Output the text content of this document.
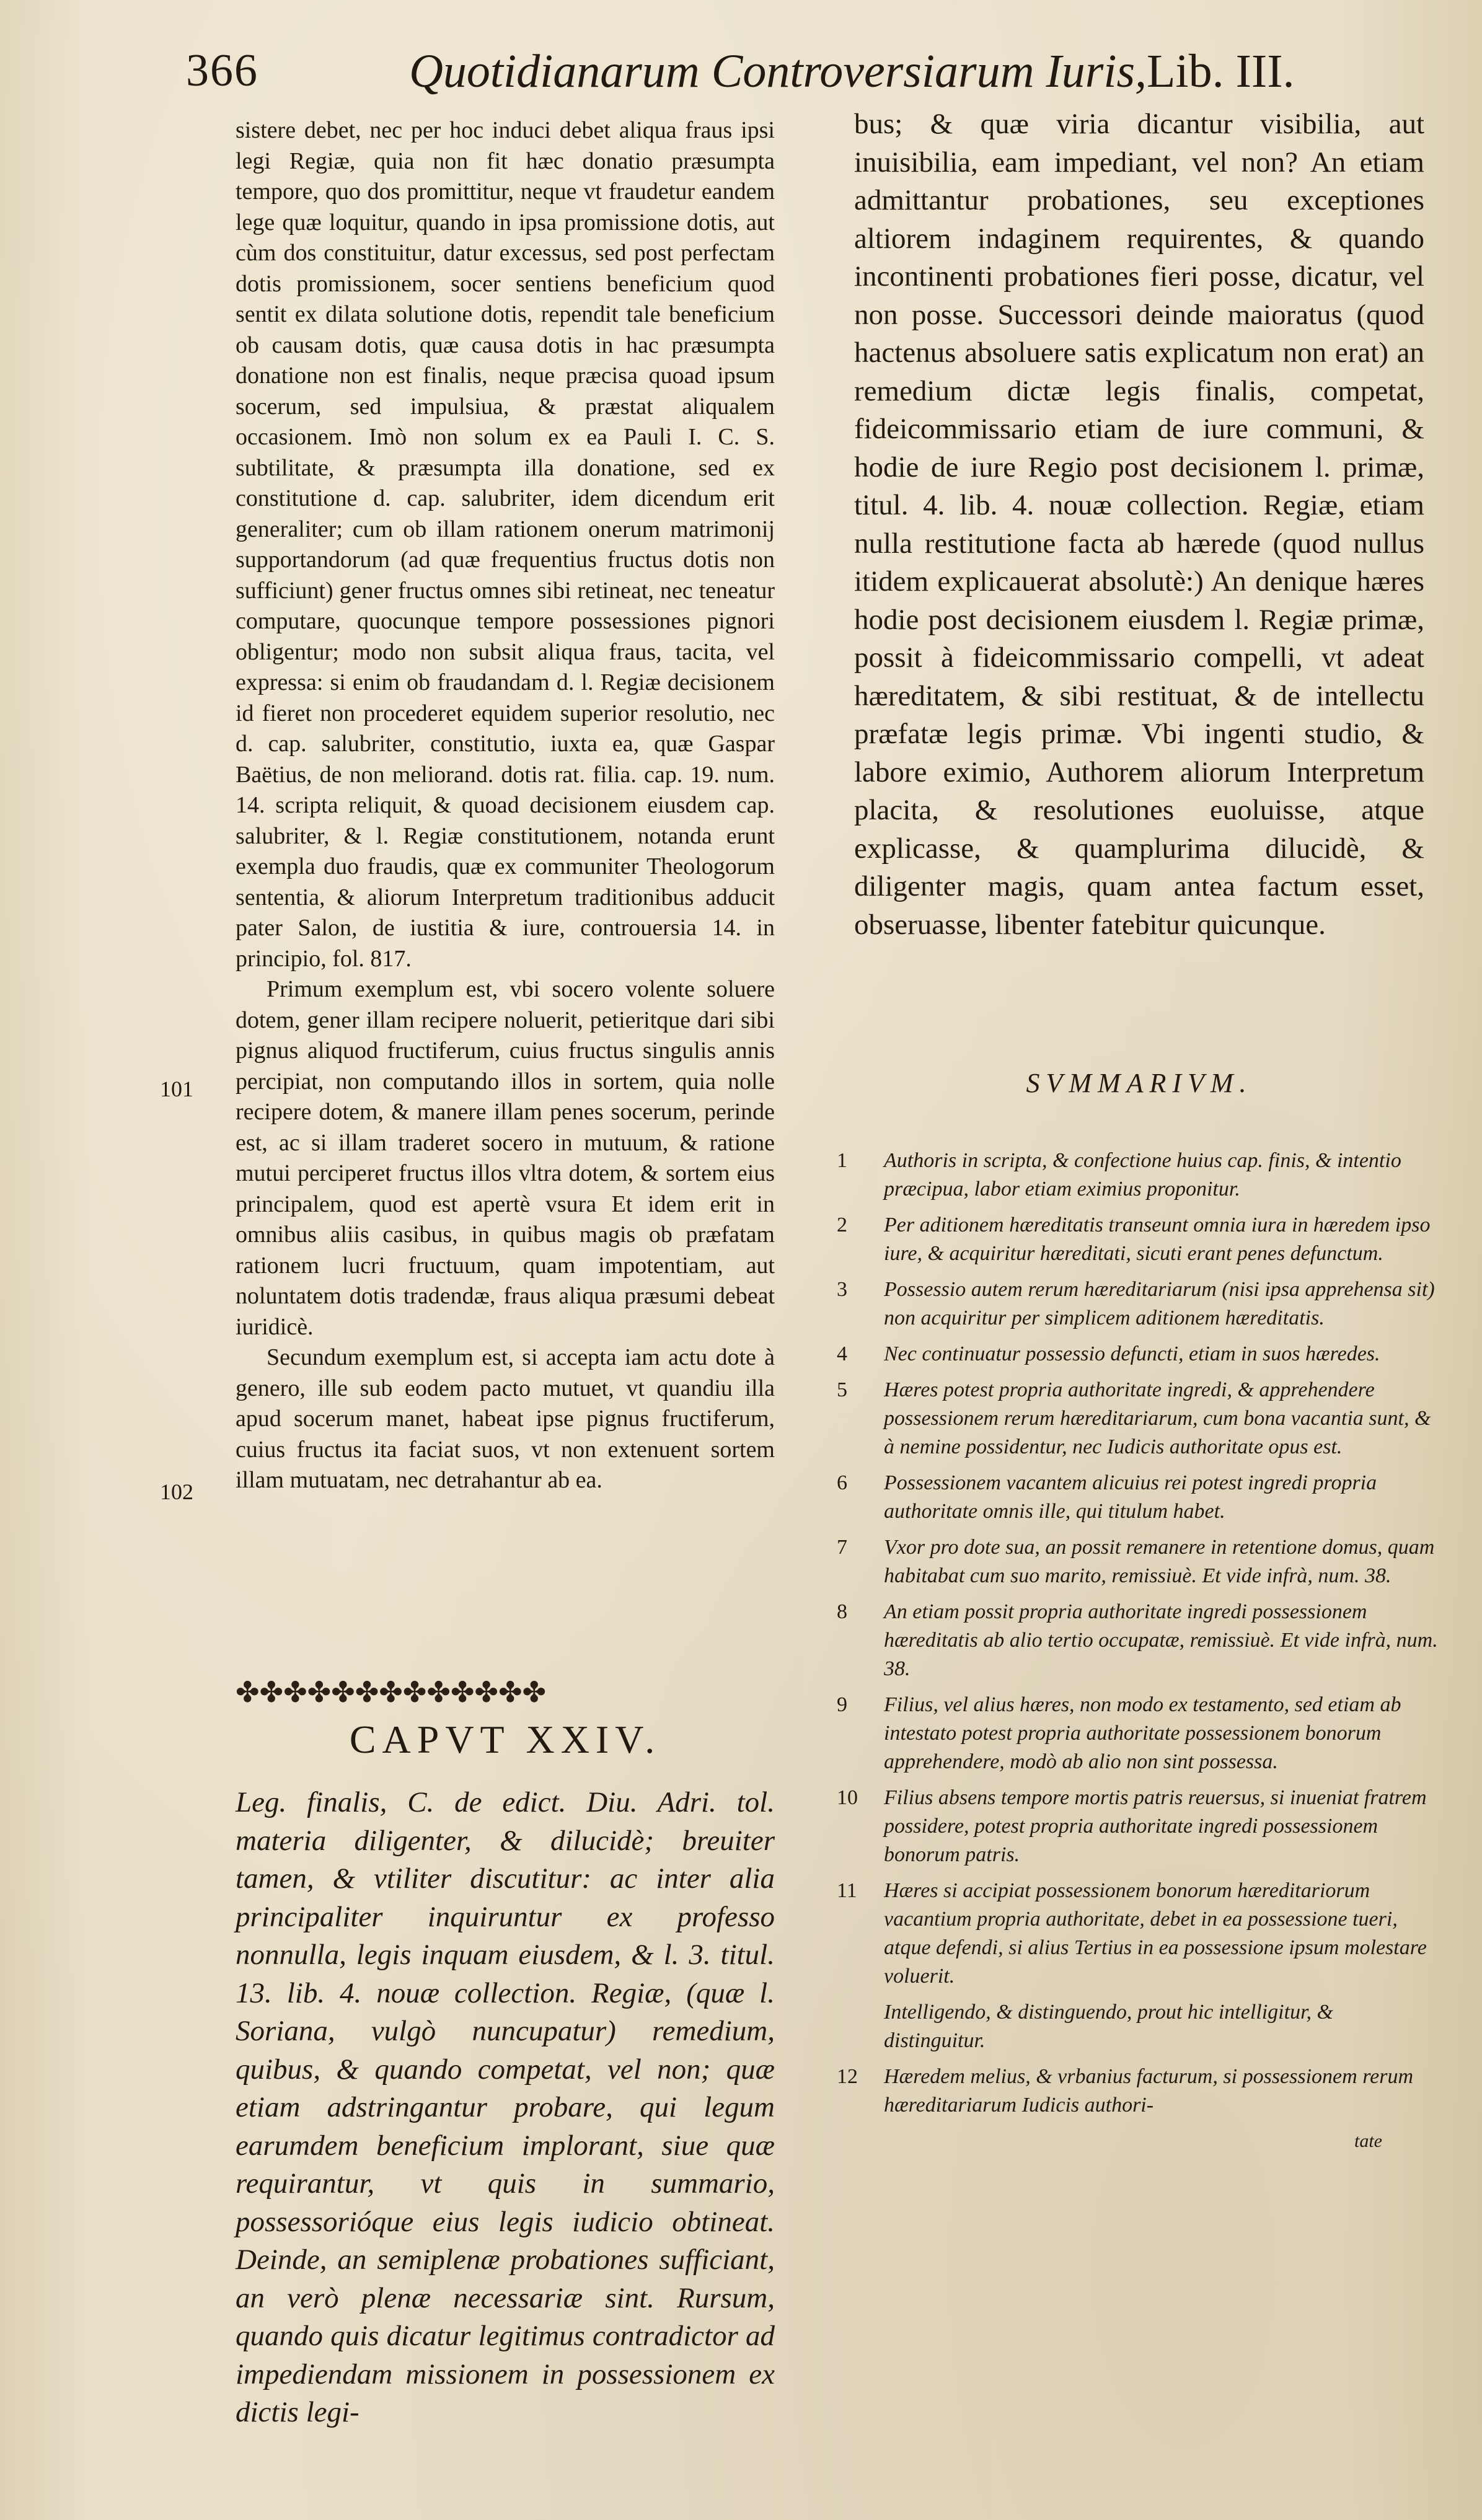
366	Quotidianarum Controversiarum Iuris,Lib. III.

sistere debet, nec per hoc induci debet aliqua fraus ipsi legi Regiæ, quia non fit hæc donatio præsumpta tempore, quo dos promittitur, neque vt fraudetur eandem lege quæ loquitur, quando in ipsa promissione dotis, aut cùm dos constituitur, datur excessus, sed post perfectam dotis promissionem, socer sentiens beneficium quod sentit ex dilata solutione dotis, rependit tale beneficium ob causam dotis, quæ causa dotis in hac præsumpta donatione non est finalis, neque præcisa quoad ipsum socerum, sed impulsiua, & præstat aliqualem occasionem. Imò non solum ex ea Pauli I. C. S. subtilitate, & præsumpta illa donatione, sed ex constitutione d. cap. salubriter, idem dicendum erit generaliter; cum ob illam rationem onerum matrimonij supportandorum (ad quæ frequentius fructus dotis non sufficiunt) gener fructus omnes sibi retineat, nec teneatur computare, quocunque tempore possessiones pignori obligentur; modo non subsit aliqua fraus, tacita, vel expressa: si enim ob fraudandam d. l. Regiæ decisionem id fieret non procederet equidem superior resolutio, nec d. cap. salubriter, constitutio, iuxta ea, quæ Gaspar Baëtius, de non meliorand. dotis rat. filia. cap. 19. num. 14. scripta reliquit, & quoad decisionem eiusdem cap. salubriter, & l. Regiæ constitutionem, notanda erunt exempla duo fraudis, quæ ex communiter Theologorum sententia, & aliorum Interpretum traditionibus adducit pater Salon, de iustitia & iure, controuersia 14. in principio, fol. 817.

Primum exemplum est, vbi socero volente soluere dotem, gener illam recipere noluerit, petieritque dari sibi pignus aliquod fructiferum, cuius fructus singulis annis percipiat, non computando illos in sortem, quia nolle recipere dotem, & manere illam penes socerum, perinde est, ac si illam traderet socero in mutuum, & ratione mutui perciperet fructus illos vltra dotem, & sortem eius principalem, quod est apertè vsura Et idem erit in omnibus aliis casibus, in quibus magis ob præfatam rationem lucri fructuum, quam impotentiam, aut noluntatem dotis tradendæ, fraus aliqua præsumi debeat iuridicè.

Secundum exemplum est, si accepta iam actu dote à genero, ille sub eodem pacto mutuet, vt quandiu illa apud socerum manet, habeat ipse pignus fructiferum, cuius fructus ita faciat suos, vt non extenuent sortem illam mutuatam, nec detrahantur ab ea.

101
102
✤✤✤✤✤✤✤✤✤✤✤✤✤
CAPVT XXIV.

Leg. finalis, C. de edict. Diu. Adri. tol. materia diligenter, & dilucidè; breuiter tamen, & vtiliter discutitur: ac inter alia principaliter inquiruntur ex professo nonnulla, legis inquam eiusdem, & l. 3. titul. 13. lib. 4. nouæ collection. Regiæ, (quæ l. Soriana, vulgò nuncupatur) remedium, quibus, & quando competat, vel non; quæ etiam adstringantur probare, qui legum earumdem beneficium implorant, siue quæ requirantur, vt quis in summario, possessorióque eius legis iudicio obtineat. Deinde, an semiplenæ probationes sufficiant, an verò plenæ necessariæ sint. Rursum, quando quis dicatur legitimus contradictor ad impediendam missionem in possessionem ex dictis legi-

bus; & quæ viria dicantur visibilia, aut inuisibilia, eam impediant, vel non? An etiam admittantur probationes, seu exceptiones altiorem indaginem requirentes, & quando incontinenti probationes fieri posse, dicatur, vel non posse. Successori deinde maioratus (quod hactenus absoluere satis explicatum non erat) an remedium dictæ legis finalis, competat, fideicommissario etiam de iure communi, & hodie de iure Regio post decisionem l. primæ, titul. 4. lib. 4. nouæ collection. Regiæ, etiam nulla restitutione facta ab hærede (quod nullus itidem explicauerat absolutè:) An denique hæres hodie post decisionem eiusdem l. Regiæ primæ, possit à fideicommissario compelli, vt adeat hæreditatem, & sibi restituat, & de intellectu præfatæ legis primæ. Vbi ingenti studio, & labore eximio, Authorem aliorum Interpretum placita, & resolutiones euoluisse, atque explicasse, & quamplurima dilucidè, & diligenter magis, quam antea factum esset, obseruasse, libenter fatebitur quicunque.

SVMMARIVM.
1 Authoris in scripta, & confectione huius cap. finis, & intentio præcipua, labor etiam eximius proponitur.
2 Per aditionem hæreditatis transeunt omnia iura in hæredem ipso iure, & acquiritur hæreditati, sicuti erant penes defunctum.
3 Possessio autem rerum hæreditariarum (nisi ipsa apprehensa sit) non acquiritur per simplicem aditionem hæreditatis.
4 Nec continuatur possessio defuncti, etiam in suos hæredes.
5 Hæres potest propria authoritate ingredi, & apprehendere possessionem rerum hæreditariarum, cum bona vacantia sunt, & à nemine possidentur, nec Iudicis authoritate opus est.
6 Possessionem vacantem alicuius rei potest ingredi propria authoritate omnis ille, qui titulum habet.
7 Vxor pro dote sua, an possit remanere in retentione domus, quam habitabat cum suo marito, remissiuè. Et vide infrà, num. 38.
8 An etiam possit propria authoritate ingredi possessionem hæreditatis ab alio tertio occupatæ, remissiuè. Et vide infrà, num. 38.
9 Filius, vel alius hæres, non modo ex testamento, sed etiam ab intestato potest propria authoritate possessionem bonorum apprehendere, modò ab alio non sint possessa.
10 Filius absens tempore mortis patris reuersus, si inueniat fratrem possidere, potest propria authoritate ingredi possessionem bonorum patris.
11 Hæres si accipiat possessionem bonorum hæreditariorum vacantium propria authoritate, debet in ea possessione tueri, atque defendi, si alius Tertius in ea possessione ipsum molestare voluerit.
Intelligendo, & distinguendo, prout hic intelligitur, & distinguitur.
12 Hæredem melius, & vrbanius facturum, si possessionem rerum hæreditariarum Iudicis authori-
tate
